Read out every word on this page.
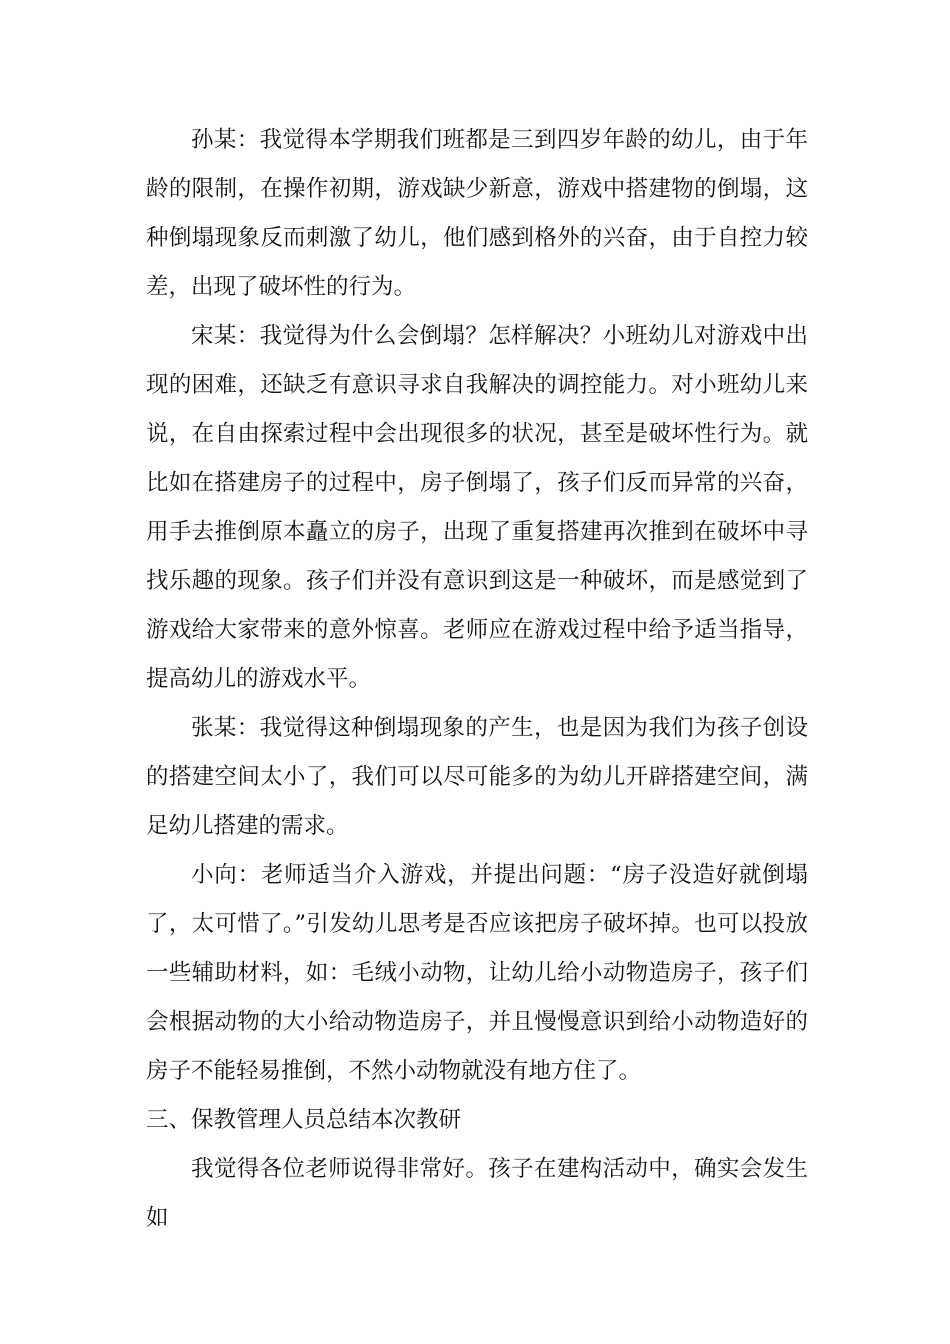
孙某：我觉得本学期我们班都是三到四岁年龄的幼儿，由于年龄的限制，在操作初期，游戏缺少新意，游戏中搭建物的倒塌，这种倒塌现象反而刺激了幼儿，他们感到格外的兴奋，由于自控力较差，出现了破坏性的行为。

宋某：我觉得为什么会倒塌？怎样解决？小班幼儿对游戏中出现的困难，还缺乏有意识寻求自我解决的调控能力。对小班幼儿来说，在自由探索过程中会出现很多的状况，甚至是破坏性行为。就比如在搭建房子的过程中，房子倒塌了，孩子们反而异常的兴奋，用手去推倒原本矗立的房子，出现了重复搭建再次推到在破坏中寻找乐趣的现象。孩子们并没有意识到这是一种破坏，而是感觉到了游戏给大家带来的意外惊喜。老师应在游戏过程中给予适当指导，提高幼儿的游戏水平。

张某：我觉得这种倒塌现象的产生，也是因为我们为孩子创设的搭建空间太小了，我们可以尽可能多的为幼儿开辟搭建空间，满足幼儿搭建的需求。

小向：老师适当介入游戏，并提出问题：“房子没造好就倒塌了，太可惜了。”引发幼儿思考是否应该把房子破坏掉。也可以投放一些辅助材料，如：毛绒小动物，让幼儿给小动物造房子，孩子们会根据动物的大小给动物造房子，并且慢慢意识到给小动物造好的房子不能轻易推倒，不然小动物就没有地方住了。

三、保教管理人员总结本次教研

我觉得各位老师说得非常好。孩子在建构活动中，确实会发生如
